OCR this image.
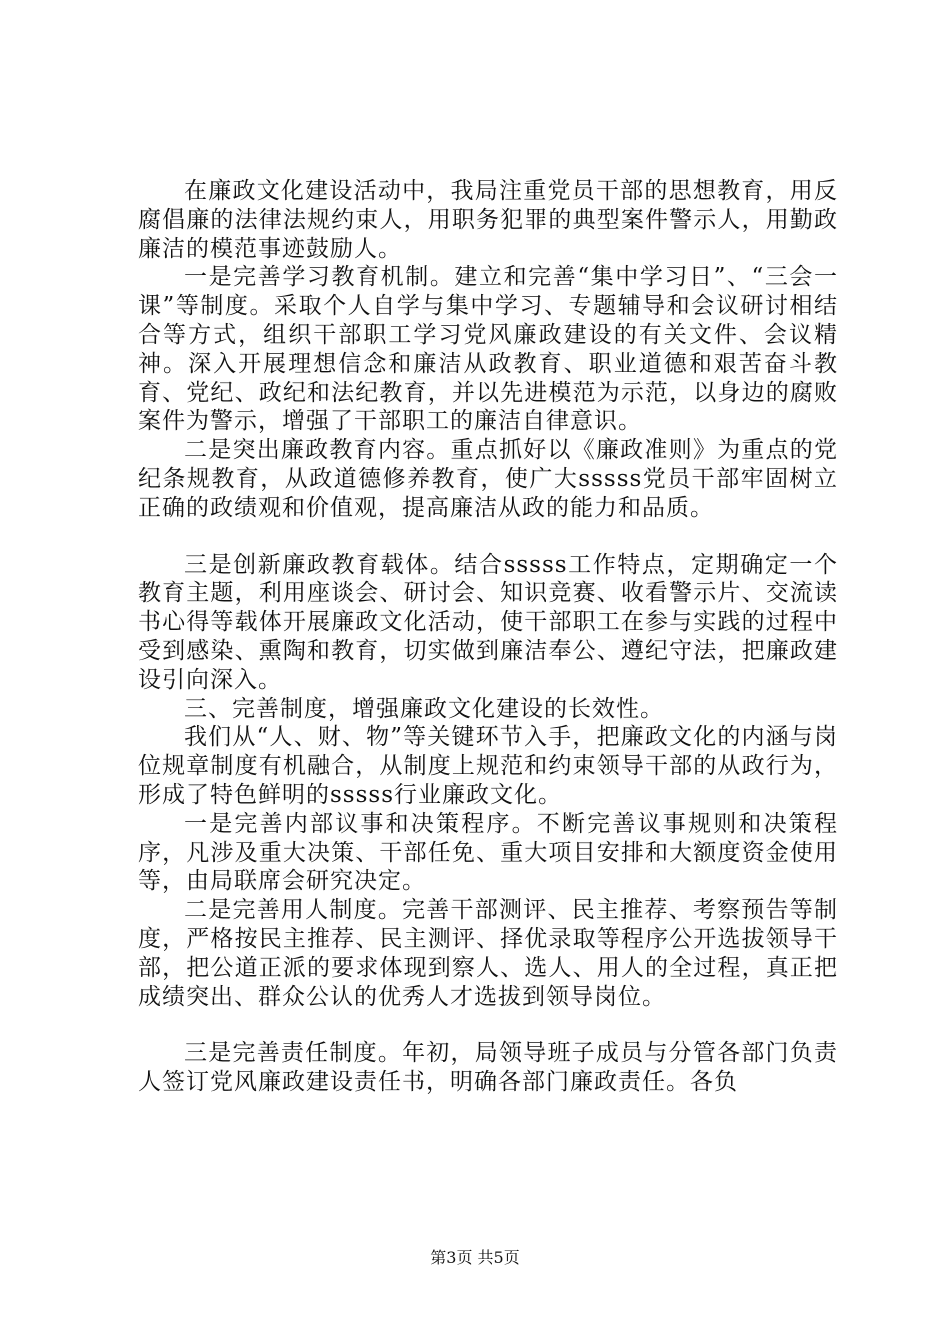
在廉政文化建设活动中，我局注重党员干部的思想教育，用反腐倡廉的法律法规约束人，用职务犯罪的典型案件警示人，用勤政廉洁的模范事迹鼓励人。

一是完善学习教育机制。建立和完善“集中学习日”、“三会一课”等制度。采取个人自学与集中学习、专题辅导和会议研讨相结合等方式，组织干部职工学习党风廉政建设的有关文件、会议精神。深入开展理想信念和廉洁从政教育、职业道德和艰苦奋斗教育、党纪、政纪和法纪教育，并以先进模范为示范，以身边的腐败案件为警示，增强了干部职工的廉洁自律意识。

二是突出廉政教育内容。重点抓好以《廉政准则》为重点的党纪条规教育，从政道德修养教育，使广大sssss党员干部牢固树立正确的政绩观和价值观，提高廉洁从政的能力和品质。

三是创新廉政教育载体。结合sssss工作特点，定期确定一个教育主题，利用座谈会、研讨会、知识竞赛、收看警示片、交流读书心得等载体开展廉政文化活动，使干部职工在参与实践的过程中受到感染、熏陶和教育，切实做到廉洁奉公、遵纪守法，把廉政建设引向深入。

三、完善制度，增强廉政文化建设的长效性。

我们从“人、财、物”等关键环节入手，把廉政文化的内涵与岗位规章制度有机融合，从制度上规范和约束领导干部的从政行为，形成了特色鲜明的sssss行业廉政文化。

一是完善内部议事和决策程序。不断完善议事规则和决策程序，凡涉及重大决策、干部任免、重大项目安排和大额度资金使用等，由局联席会研究决定。

二是完善用人制度。完善干部测评、民主推荐、考察预告等制度，严格按民主推荐、民主测评、择优录取等程序公开选拔领导干部，把公道正派的要求体现到察人、选人、用人的全过程，真正把成绩突出、群众公认的优秀人才选拔到领导岗位。

三是完善责任制度。年初，局领导班子成员与分管各部门负责人签订党风廉政建设责任书，明确各部门廉政责任。各负

第3页 共5页
